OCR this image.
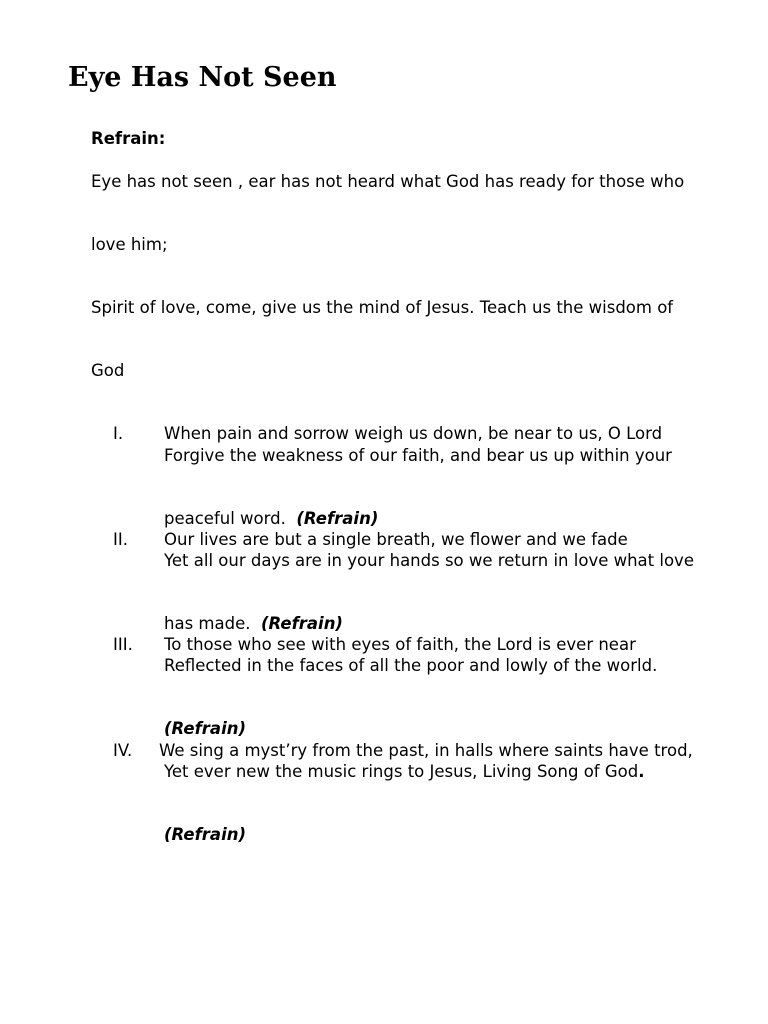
Eye Has Not Seen
Refrain:
Eye has not seen , ear has not heard what God has ready for those who
love him;
Spirit of love, come, give us the mind of Jesus. Teach us the wisdom of
God
I. When pain and sorrow weigh us down, be near to us, O Lord
Forgive the weakness of our faith, and bear us up within your
peaceful word. (Refrain)
II. Our lives are but a single breath, we flower and we fade
Yet all our days are in your hands so we return in love what love
has made. (Refrain)
III. To those who see with eyes of faith, the Lord is ever near
Reflected in the faces of all the poor and lowly of the world.
(Refrain)
IV. We sing a myst’ry from the past, in halls where saints have trod,
Yet ever new the music rings to Jesus, Living Song of God.
(Refrain)
